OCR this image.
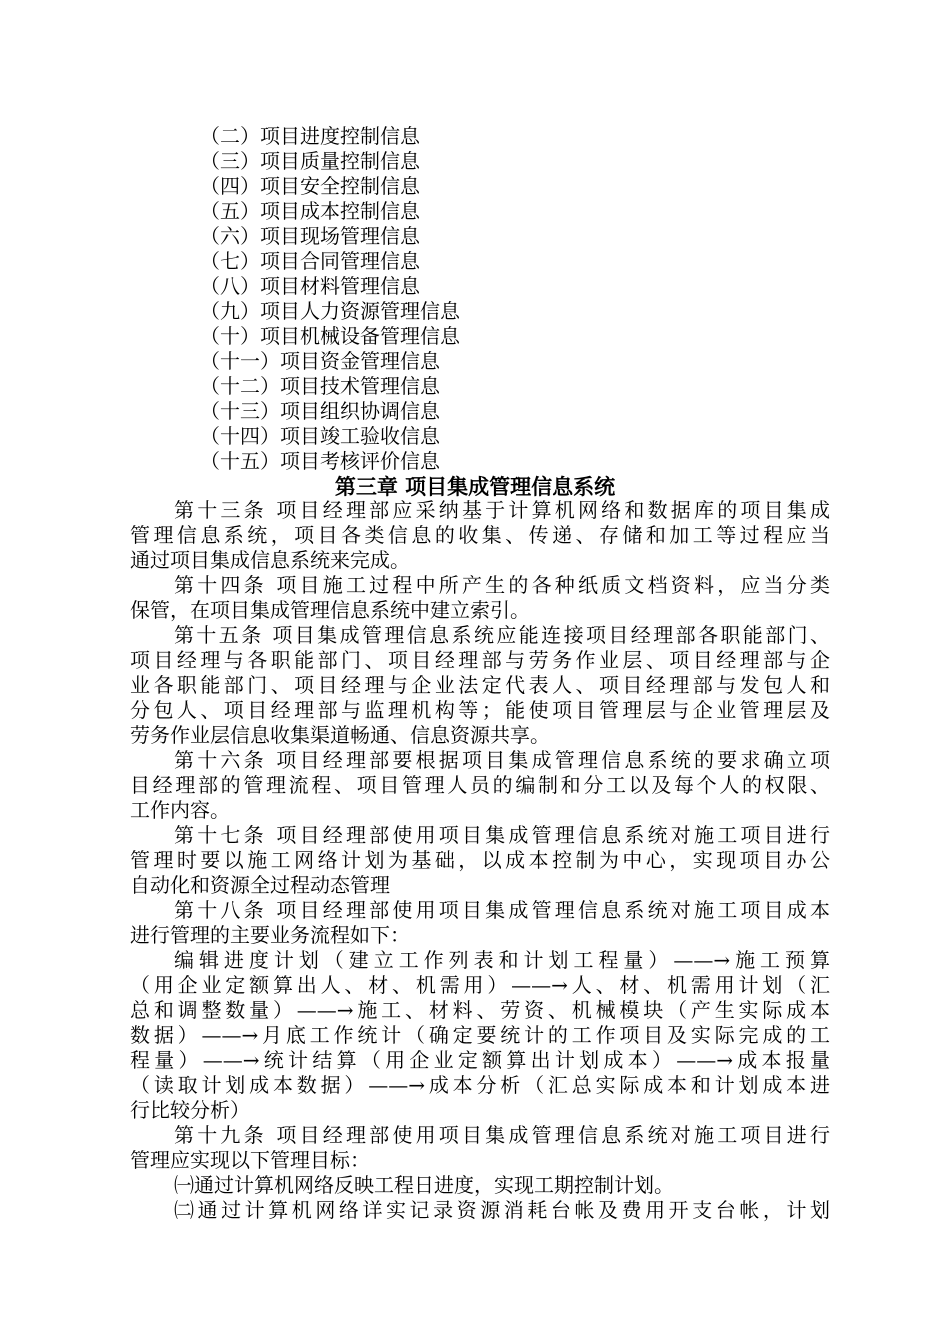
（二）项目进度控制信息
（三）项目质量控制信息
（四）项目安全控制信息
（五）项目成本控制信息
（六）项目现场管理信息
（七）项目合同管理信息
（八）项目材料管理信息
（九）项目人力资源管理信息
（十）项目机械设备管理信息
（十一）项目资金管理信息
（十二）项目技术管理信息
（十三）项目组织协调信息
（十四）项目竣工验收信息
（十五）项目考核评价信息
第三章 项目集成管理信息系统
第十三条 项目经理部应采纳基于计算机网络和数据库的项目集成
管理信息系统，项目各类信息的收集、传递、存储和加工等过程应当
通过项目集成信息系统来完成。
第十四条 项目施工过程中所产生的各种纸质文档资料，应当分类
保管，在项目集成管理信息系统中建立索引。
第十五条 项目集成管理信息系统应能连接项目经理部各职能部门、
项目经理与各职能部门、项目经理部与劳务作业层、项目经理部与企
业各职能部门、项目经理与企业法定代表人、项目经理部与发包人和
分包人、项目经理部与监理机构等；能使项目管理层与企业管理层及
劳务作业层信息收集渠道畅通、信息资源共享。
第十六条 项目经理部要根据项目集成管理信息系统的要求确立项
目经理部的管理流程、项目管理人员的编制和分工以及每个人的权限、
工作内容。
第十七条 项目经理部使用项目集成管理信息系统对施工项目进行
管理时要以施工网络计划为基础，以成本控制为中心，实现项目办公
自动化和资源全过程动态管理
第十八条 项目经理部使用项目集成管理信息系统对施工项目成本
进行管理的主要业务流程如下：
编辑进度计划（建立工作列表和计划工程量）——→施工预算
（用企业定额算出人、材、机需用）——→人、材、机需用计划（汇
总和调整数量）——→施工、材料、劳资、机械模块（产生实际成本
数据）——→月底工作统计（确定要统计的工作项目及实际完成的工
程量）——→统计结算（用企业定额算出计划成本）——→成本报量
（读取计划成本数据）——→成本分析（汇总实际成本和计划成本进
行比较分析）
第十九条 项目经理部使用项目集成管理信息系统对施工项目进行
管理应实现以下管理目标：
㈠通过计算机网络反映工程日进度，实现工期控制计划。
㈡通过计算机网络详实记录资源消耗台帐及费用开支台帐，计划
